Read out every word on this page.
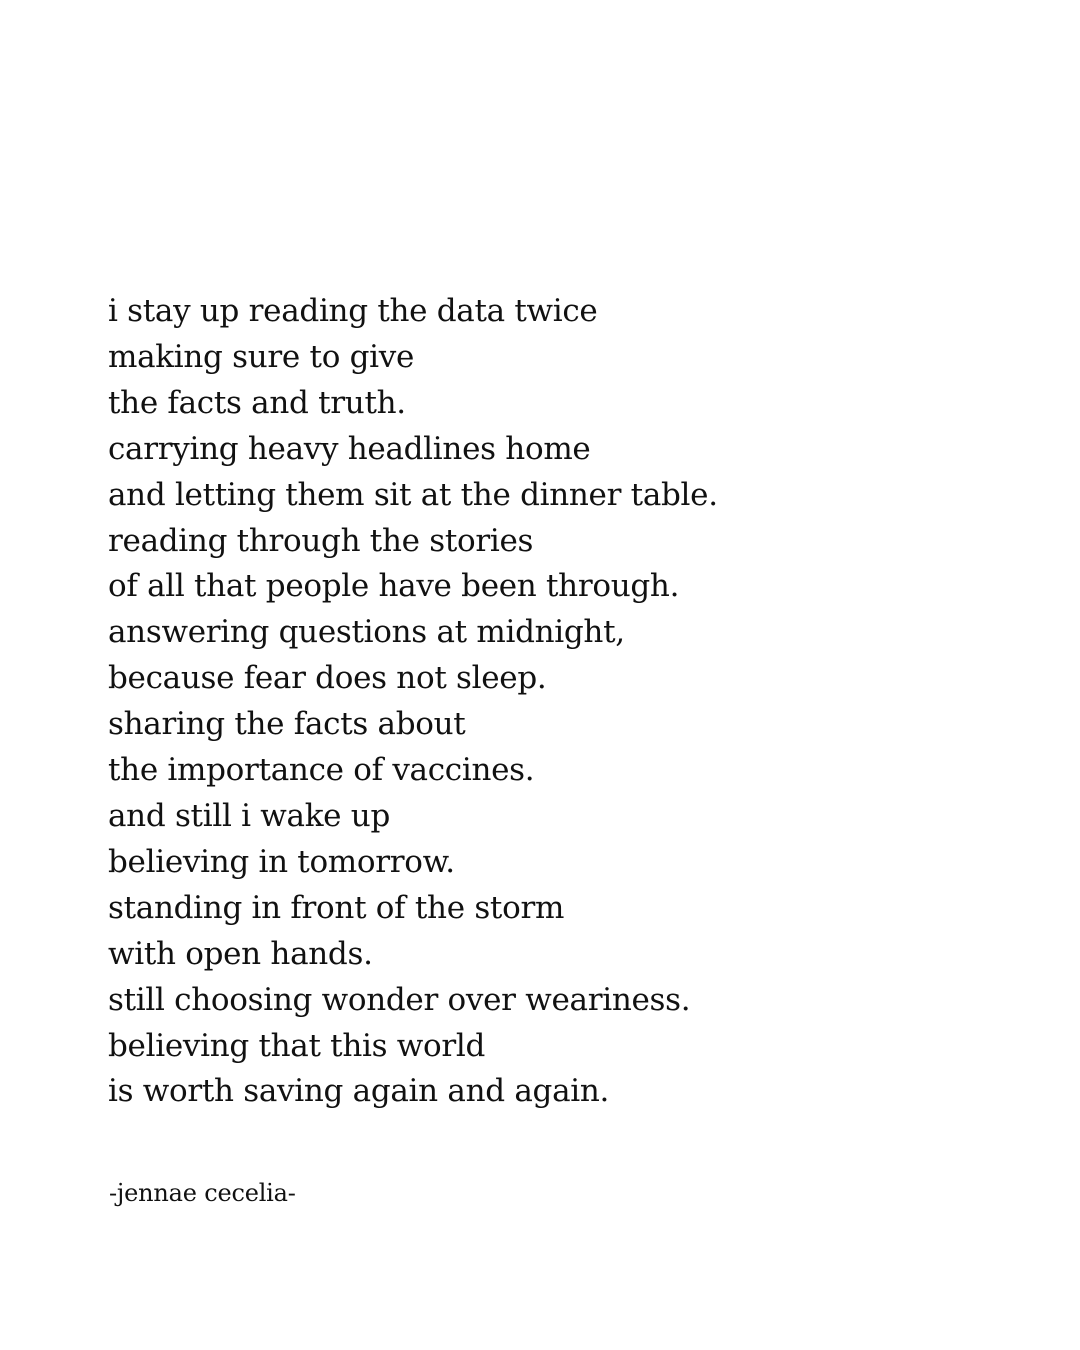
i stay up reading the data twice
making sure to give
the facts and truth.
carrying heavy headlines home
and letting them sit at the dinner table.
reading through the stories
of all that people have been through.
answering questions at midnight,
because fear does not sleep.
sharing the facts about
the importance of vaccines.
and still i wake up
believing in tomorrow.
standing in front of the storm
with open hands.
still choosing wonder over weariness.
believing that this world
is worth saving again and again.

-jennae cecelia-
